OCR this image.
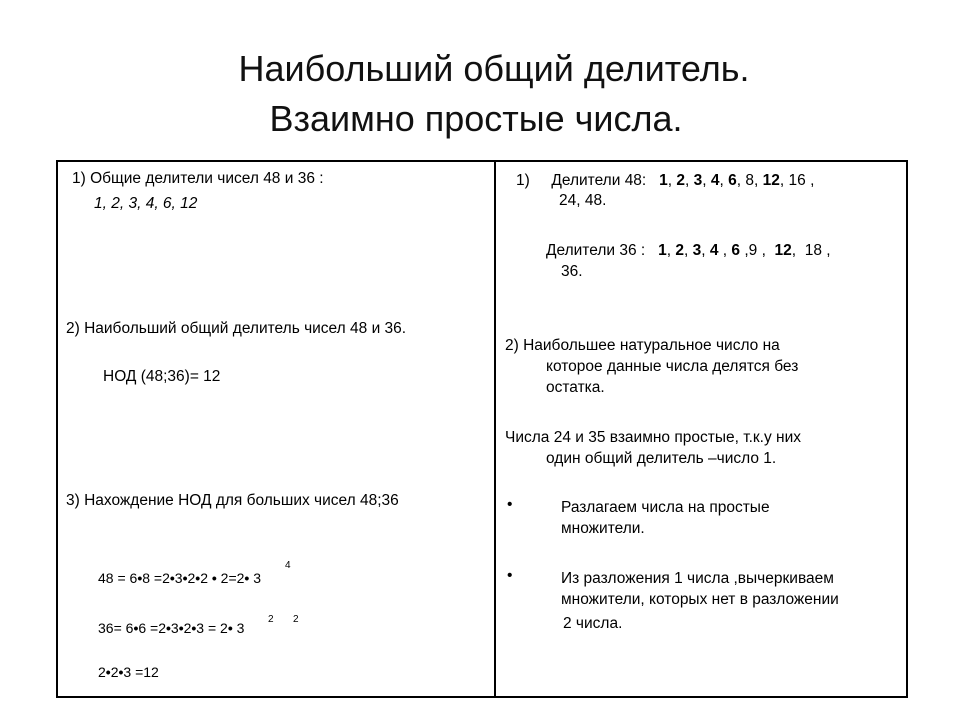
Наибольший общий делитель.
Взаимно простые числа.
1) Общие делители чисел 48 и 36 :
1, 2, 3, 4, 6, 12
2) Наибольший общий делитель чисел 48 и 36.
НОД (48;36)= 12
3) Нахождение НОД для больших чисел 48;36
48 = 6•8 =2•3•2•2 • 2=2• 3
4
36= 6•6 =2•3•2•3 = 2• 3
2 2
2•2•3 =12
1) Делители 48: 1, 2, 3, 4, 6, 8, 12, 16 ,
24, 48.
Делители 36 : 1, 2, 3, 4 , 6 ,9 ,  12,  18 ,
36.
2) Наибольшее натуральное число на
которое данные числа делятся без
остатка.
Числа 24 и 35 взаимно простые, т.к.у них
один общий делитель –число 1.
•	Разлагаем числа на простые
множители.
•	Из разложения 1 числа ,вычеркиваем
множители, которых нет в разложении
2 числа.
